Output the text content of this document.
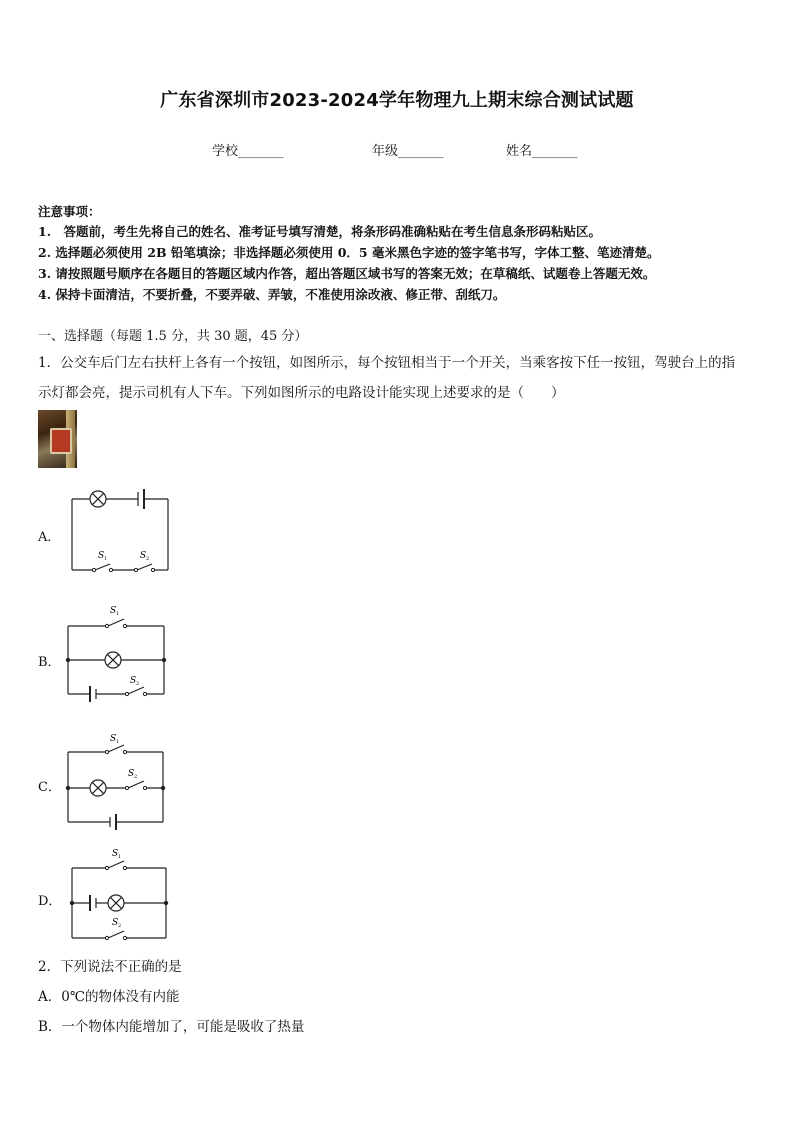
广东省深圳市2023-2024学年物理九上期末综合测试试题
学校_______	年级_______	姓名_______
注意事项：
1.　答题前，考生先将自己的姓名、准考证号填写清楚，将条形码准确粘贴在考生信息条形码粘贴区。
2. 选择题必须使用 2B 铅笔填涂；非选择题必须使用 0．5 毫米黑色字迹的签字笔书写，字体工整、笔迹清楚。
3. 请按照题号顺序在各题目的答题区域内作答，超出答题区域书写的答案无效；在草稿纸、试题卷上答题无效。
4. 保持卡面清洁，不要折叠，不要弄破、弄皱，不准使用涂改液、修正带、刮纸刀。
一、选择题（每题 1.5 分，共 30 题，45 分）
1．公交车后门左右扶杆上各有一个按钮，如图所示，每个按钮相当于一个开关，当乘客按下任一按钮，驾驶台上的指
示灯都会亮，提示司机有人下车。下列如图所示的电路设计能实现上述要求的是（　　）
A．
S 1	S 2
B．
S 1
S 2
C．
S 1
S 2
D．
S 1
S 2
2．下列说法不正确的是
A．0℃的物体没有内能
B．一个物体内能增加了，可能是吸收了热量
